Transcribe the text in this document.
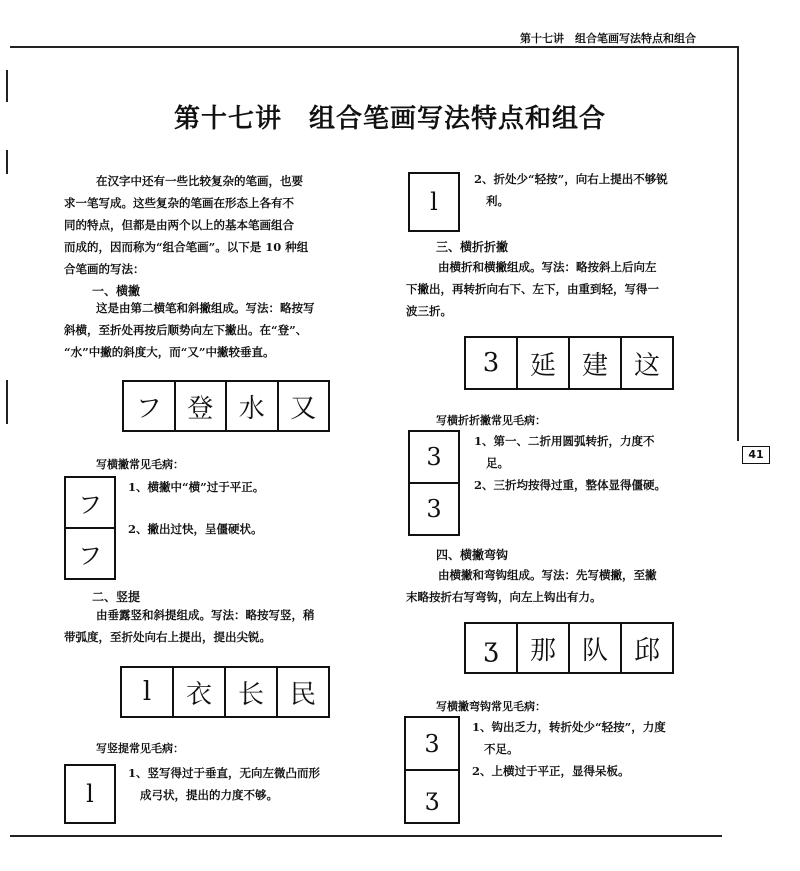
第十七讲　组合笔画写法特点和组合
第十七讲　组合笔画写法特点和组合
41
在汉字中还有一些比较复杂的笔画，也要
求一笔写成。这些复杂的笔画在形态上各有不
同的特点，但都是由两个以上的基本笔画组合
而成的，因而称为“组合笔画”。以下是 10 种组
合笔画的写法：
一、横撇
这是由第二横笔和斜撇组成。写法：略按写
斜横，至折处再按后顺势向左下撇出。在“登”、
“水”中撇的斜度大，而“又”中撇较垂直。
フ 登 水 又
写横撇常见毛病：
フ
フ
1、横撇中“横”过于平正。
2、撇出过快，呈僵硬状。
二、竖提
由垂露竖和斜提组成。写法：略按写竖，稍
带弧度，至折处向右上提出，提出尖锐。
l	衣 长 民
写竖提常见毛病：
l
1、竖写得过于垂直，无向左微凸而形
成弓状，提出的力度不够。
l
2、折处少“轻按”，向右上提出不够锐
利。
三、横折折撇
由横折和横撇组成。写法：略按斜上后向左
下撇出，再转折向右下、左下，由重到轻，写得一
波三折。
3	延 建 这
写横折折撇常见毛病：
3
3
1、第一、二折用圆弧转折，力度不
足。
2、三折均按得过重，整体显得僵硬。
四、横撇弯钩
由横撇和弯钩组成。写法：先写横撇，至撇
末略按折右写弯钩，向左上钩出有力。
ʒ	那 队 邱
写横撇弯钩常见毛病：
3
ʒ
1、钩出乏力，转折处少“轻按”，力度
不足。
2、上横过于平正，显得呆板。
